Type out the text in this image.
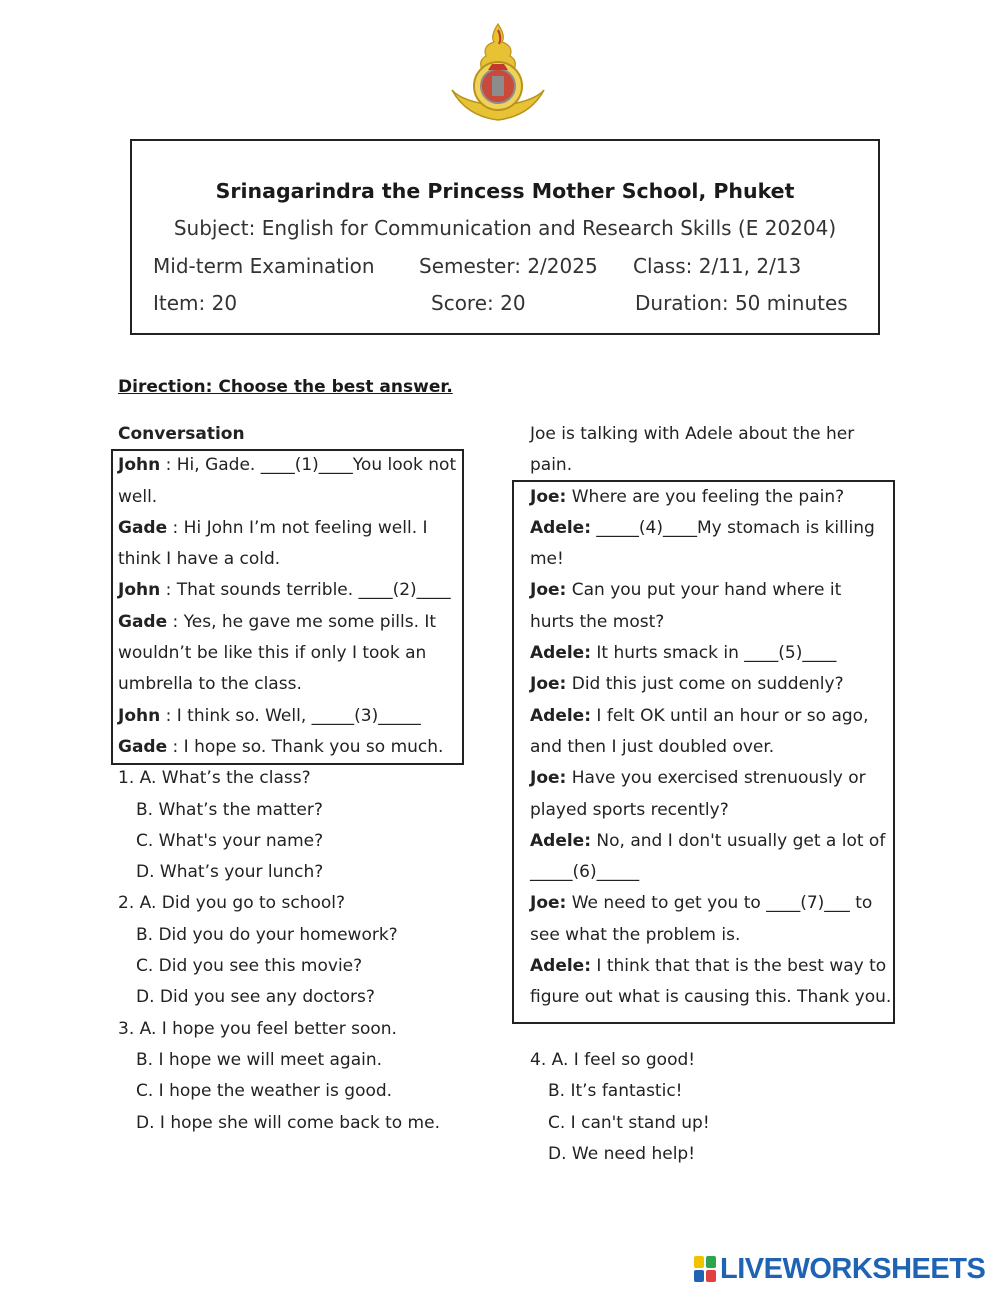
Srinagarindra the Princess Mother School, Phuket
Subject: English for Communication and Research Skills (E 20204)
Mid-term Examination Semester: 2/2025 Class: 2/11, 2/13
Item: 20	Score: 20	Duration: 50 minutes
Direction: Choose the best answer.
Conversation
John : Hi, Gade. ____(1)____You look not
well.
Gade : Hi John I’m not feeling well. I
think I have a cold.
John : That sounds terrible. ____(2)____
Gade : Yes, he gave me some pills. It
wouldn’t be like this if only I took an
umbrella to the class.
John : I think so. Well, _____(3)_____
Gade : I hope so. Thank you so much.
1. A. What’s the class?
B. What’s the matter?
C. What's your name?
D. What’s your lunch?
2. A. Did you go to school?
B. Did you do your homework?
C. Did you see this movie?
D. Did you see any doctors?
3. A. I hope you feel better soon.
B. I hope we will meet again.
C. I hope the weather is good.
D. I hope she will come back to me.
Joe is talking with Adele about the her
pain.
Joe: Where are you feeling the pain?
Adele: _____(4)____My stomach is killing
me!
Joe: Can you put your hand where it
hurts the most?
Adele: It hurts smack in ____(5)____
Joe: Did this just come on suddenly?
Adele: I felt OK until an hour or so ago,
and then I just doubled over.
Joe: Have you exercised strenuously or
played sports recently?
Adele: No, and I don't usually get a lot of
_____(6)_____
Joe: We need to get you to ____(7)___ to
see what the problem is.
Adele: I think that that is the best way to
figure out what is causing this. Thank you.
4. A. I feel so good!
B. It’s fantastic!
C. I can't stand up!
D. We need help!
LIVEWORKSHEETS
